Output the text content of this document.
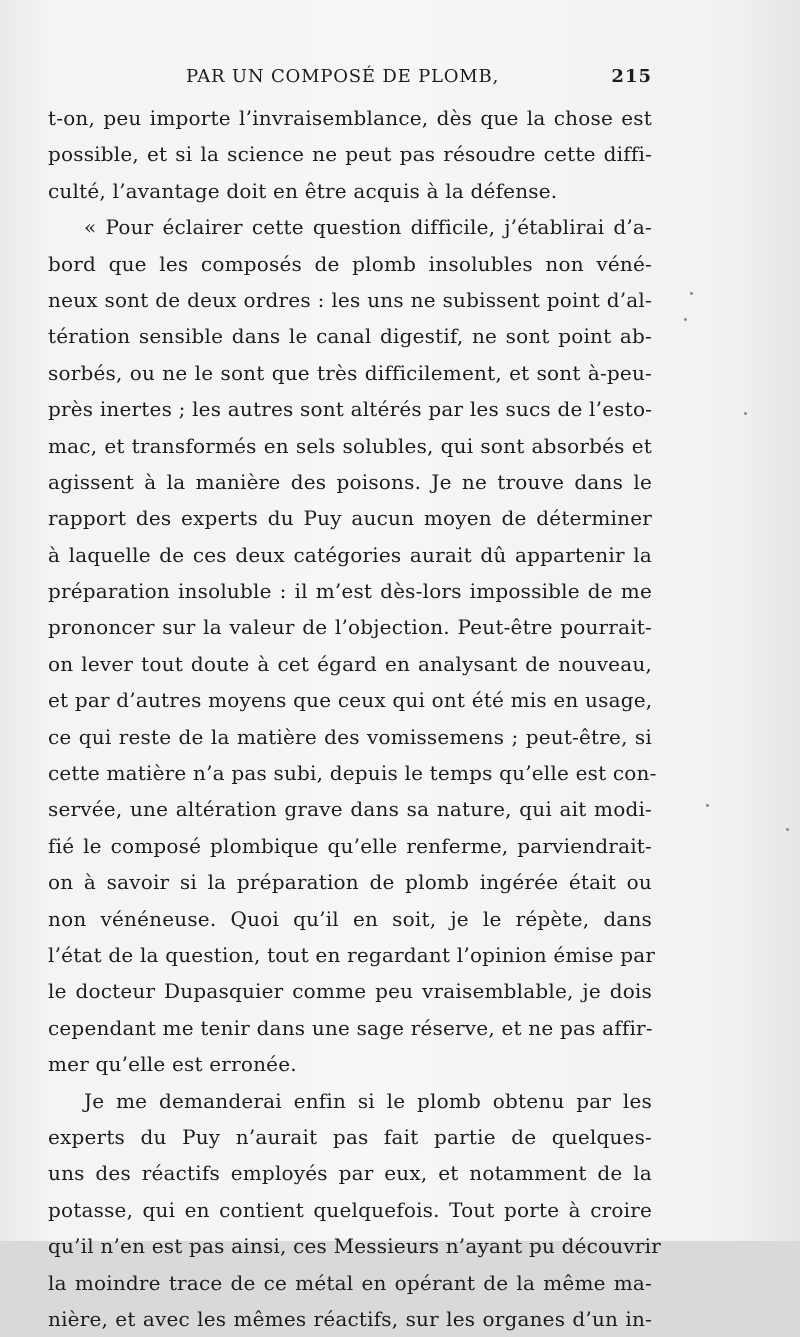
PAR UN COMPOSÉ DE PLOMB,	215
t-on, peu importe l’invraisemblance, dès que la chose est
possible, et si la science ne peut pas résoudre cette diffi-
culté, l’avantage doit en être acquis à la défense.
« Pour éclairer cette question difficile, j’établirai d’a-
bord que les composés de plomb insolubles non véné-
neux sont de deux ordres : les uns ne subissent point d’al-
tération sensible dans le canal digestif, ne sont point ab-
sorbés, ou ne le sont que très difficilement, et sont à-peu-
près inertes ; les autres sont altérés par les sucs de l’esto-
mac, et transformés en sels solubles, qui sont absorbés et
agissent à la manière des poisons. Je ne trouve dans le
rapport des experts du Puy aucun moyen de déterminer
à laquelle de ces deux catégories aurait dû appartenir la
préparation insoluble : il m’est dès-lors impossible de me
prononcer sur la valeur de l’objection. Peut-être pourrait-
on lever tout doute à cet égard en analysant de nouveau,
et par d’autres moyens que ceux qui ont été mis en usage,
ce qui reste de la matière des vomissemens ; peut-être, si
cette matière n’a pas subi, depuis le temps qu’elle est con-
servée, une altération grave dans sa nature, qui ait modi-
fié le composé plombique qu’elle renferme, parviendrait-
on à savoir si la préparation de plomb ingérée était ou
non vénéneuse. Quoi qu’il en soit, je le répète, dans
l’état de la question, tout en regardant l’opinion émise par
le docteur Dupasquier comme peu vraisemblable, je dois
cependant me tenir dans une sage réserve, et ne pas affir-
mer qu’elle est erronée.
Je me demanderai enfin si le plomb obtenu par les
experts du Puy n’aurait pas fait partie de quelques-
uns des réactifs employés par eux, et notamment de la
potasse, qui en contient quelquefois. Tout porte à croire
qu’il n’en est pas ainsi, ces Messieurs n’ayant pu découvrir
la moindre trace de ce métal en opérant de la même ma-
nière, et avec les mêmes réactifs, sur les organes d’un in-
